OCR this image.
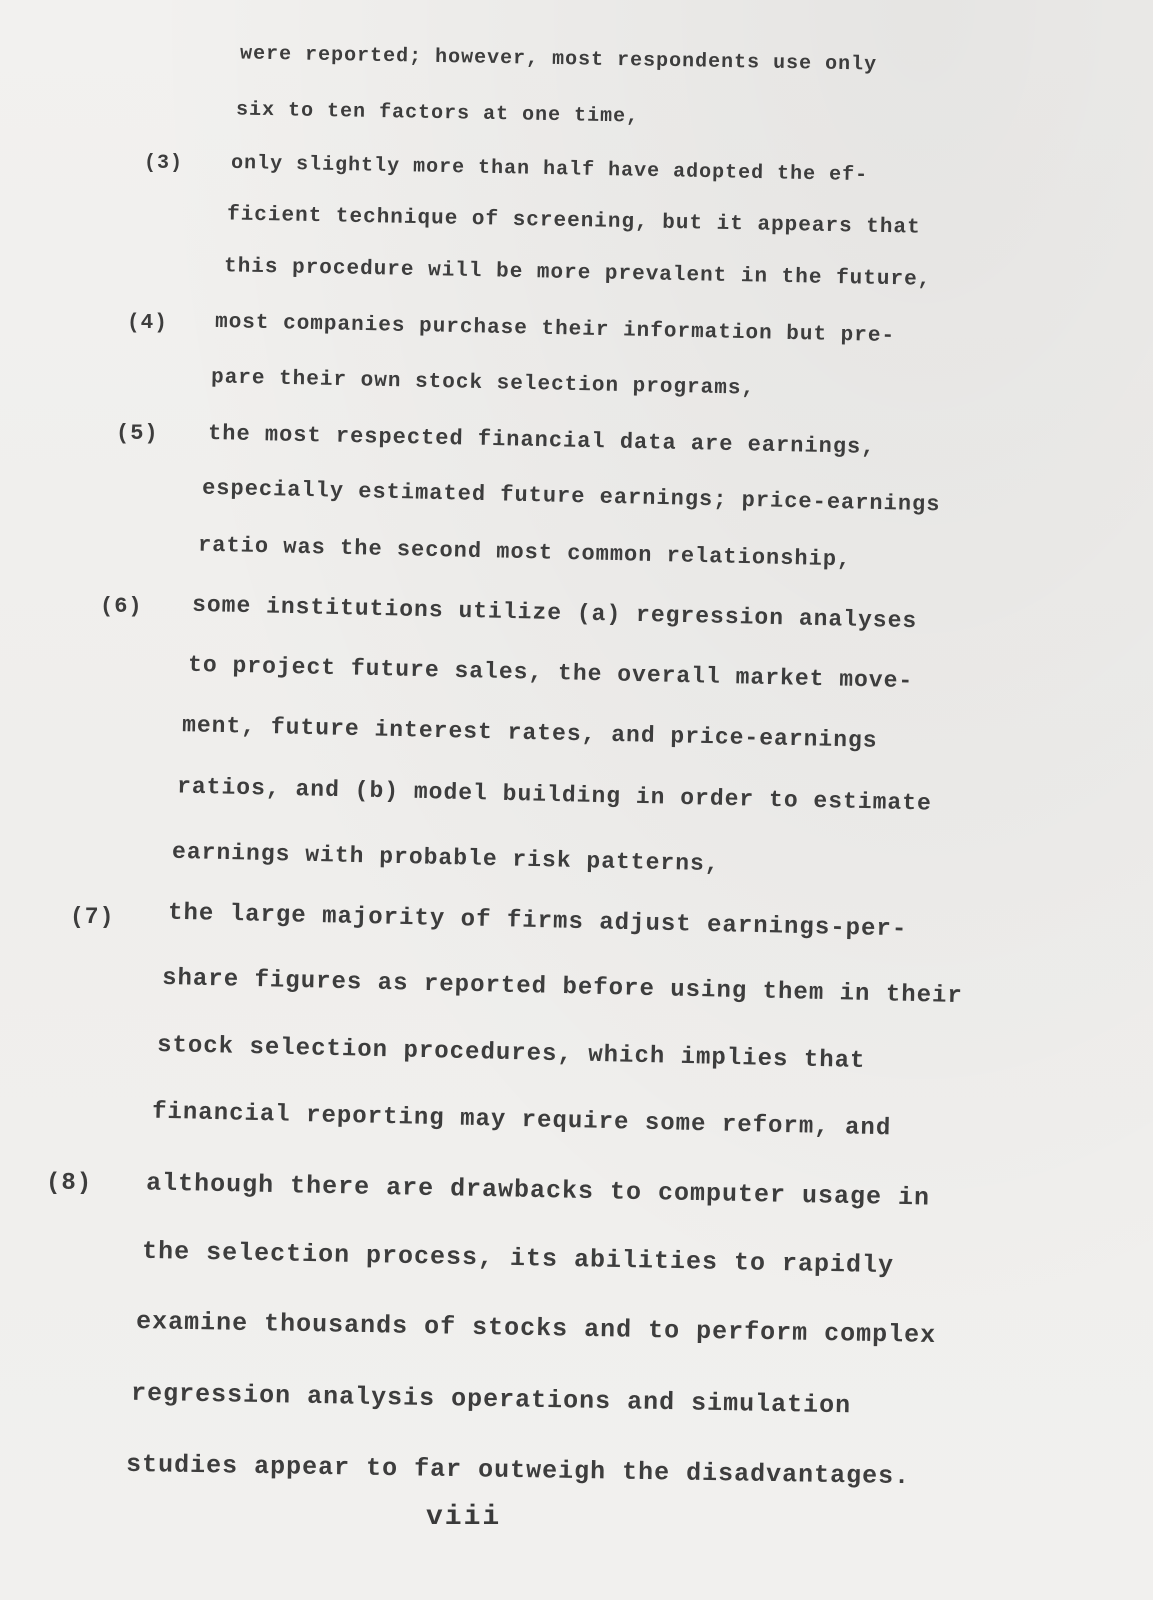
were reported; however, most respondents use only
six to ten factors at one time,
(3) only slightly more than half have adopted the ef-
ficient technique of screening, but it appears that
this procedure will be more prevalent in the future,
(4) most companies purchase their information but pre-
pare their own stock selection programs,
(5) the most respected financial data are earnings,
especially estimated future earnings; price-earnings
ratio was the second most common relationship,
(6) some institutions utilize (a) regression analyses
to project future sales, the overall market move-
ment, future interest rates, and price-earnings
ratios, and (b) model building in order to estimate
earnings with probable risk patterns,
(7) the large majority of firms adjust earnings-per-
share figures as reported before using them in their
stock selection procedures, which implies that
financial reporting may require some reform, and
(8) although there are drawbacks to computer usage in
the selection process, its abilities to rapidly
examine thousands of stocks and to perform complex
regression analysis operations and simulation
studies appear to far outweigh the disadvantages.
viii
